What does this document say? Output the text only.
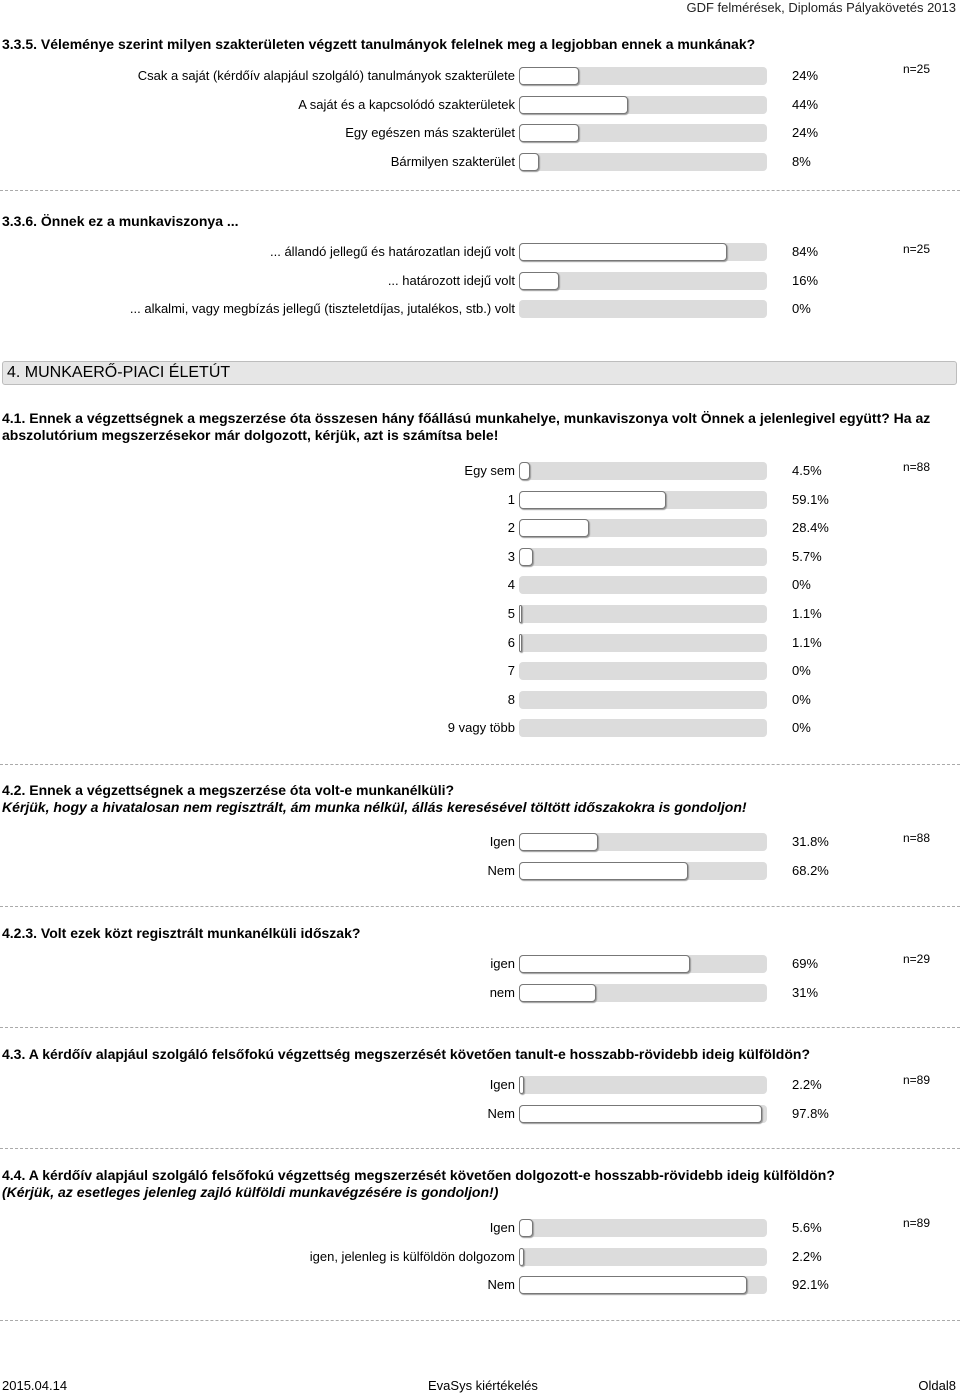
GDF felmérések, Diplomás Pályakövetés 2013
3.3.5. Véleménye szerint milyen szakterületen végzett tanulmányok felelnek meg a legjobban ennek a munkának?
n=25
Csak a saját (kérdőív alapjául szolgáló) tanulmányok szakterülete	24%
A saját és a kapcsolódó szakterületek	44%
Egy egészen más szakterület	24%
Bármilyen szakterület	8%
3.3.6. Önnek ez a munkaviszonya ...
n=25
... állandó jellegű és határozatlan idejű volt	84%
... határozott idejű volt	16%
... alkalmi, vagy megbízás jellegű (tiszteletdíjas, jutalékos, stb.) volt	0%
4. MUNKAERŐ-PIACI ÉLETÚT
4.1. Ennek a végzettségnek a megszerzése óta összesen hány főállású munkahelye, munkaviszonya volt Önnek a jelenlegivel együtt? Ha az abszolutórium megszerzésekor már dolgozott, kérjük, azt is számítsa bele!
n=88
Egy sem	4.5%
1	59.1%
2	28.4%
3	5.7%
4	0%
5	1.1%
6	1.1%
7	0%
8	0%
9 vagy több	0%
4.2. Ennek a végzettségnek a megszerzése óta volt-e munkanélküli?
Kérjük, hogy a hivatalosan nem regisztrált, ám munka nélkül, állás keresésével töltött időszakokra is gondoljon!
n=88
Igen	31.8%
Nem	68.2%
4.2.3. Volt ezek közt regisztrált munkanélküli időszak?
n=29
igen	69%
nem	31%
4.3. A kérdőív alapjául szolgáló felsőfokú végzettség megszerzését követően tanult-e hosszabb-rövidebb ideig külföldön?
n=89
Igen	2.2%
Nem	97.8%
4.4. A kérdőív alapjául szolgáló felsőfokú végzettség megszerzését követően dolgozott-e hosszabb-rövidebb ideig külföldön?
(Kérjük, az esetleges jelenleg zajló külföldi munkavégzésére is gondoljon!)
n=89
Igen	5.6%
igen, jelenleg is külföldön dolgozom	2.2%
Nem	92.1%
2015.04.14	EvaSys kiértékelés	Oldal8
